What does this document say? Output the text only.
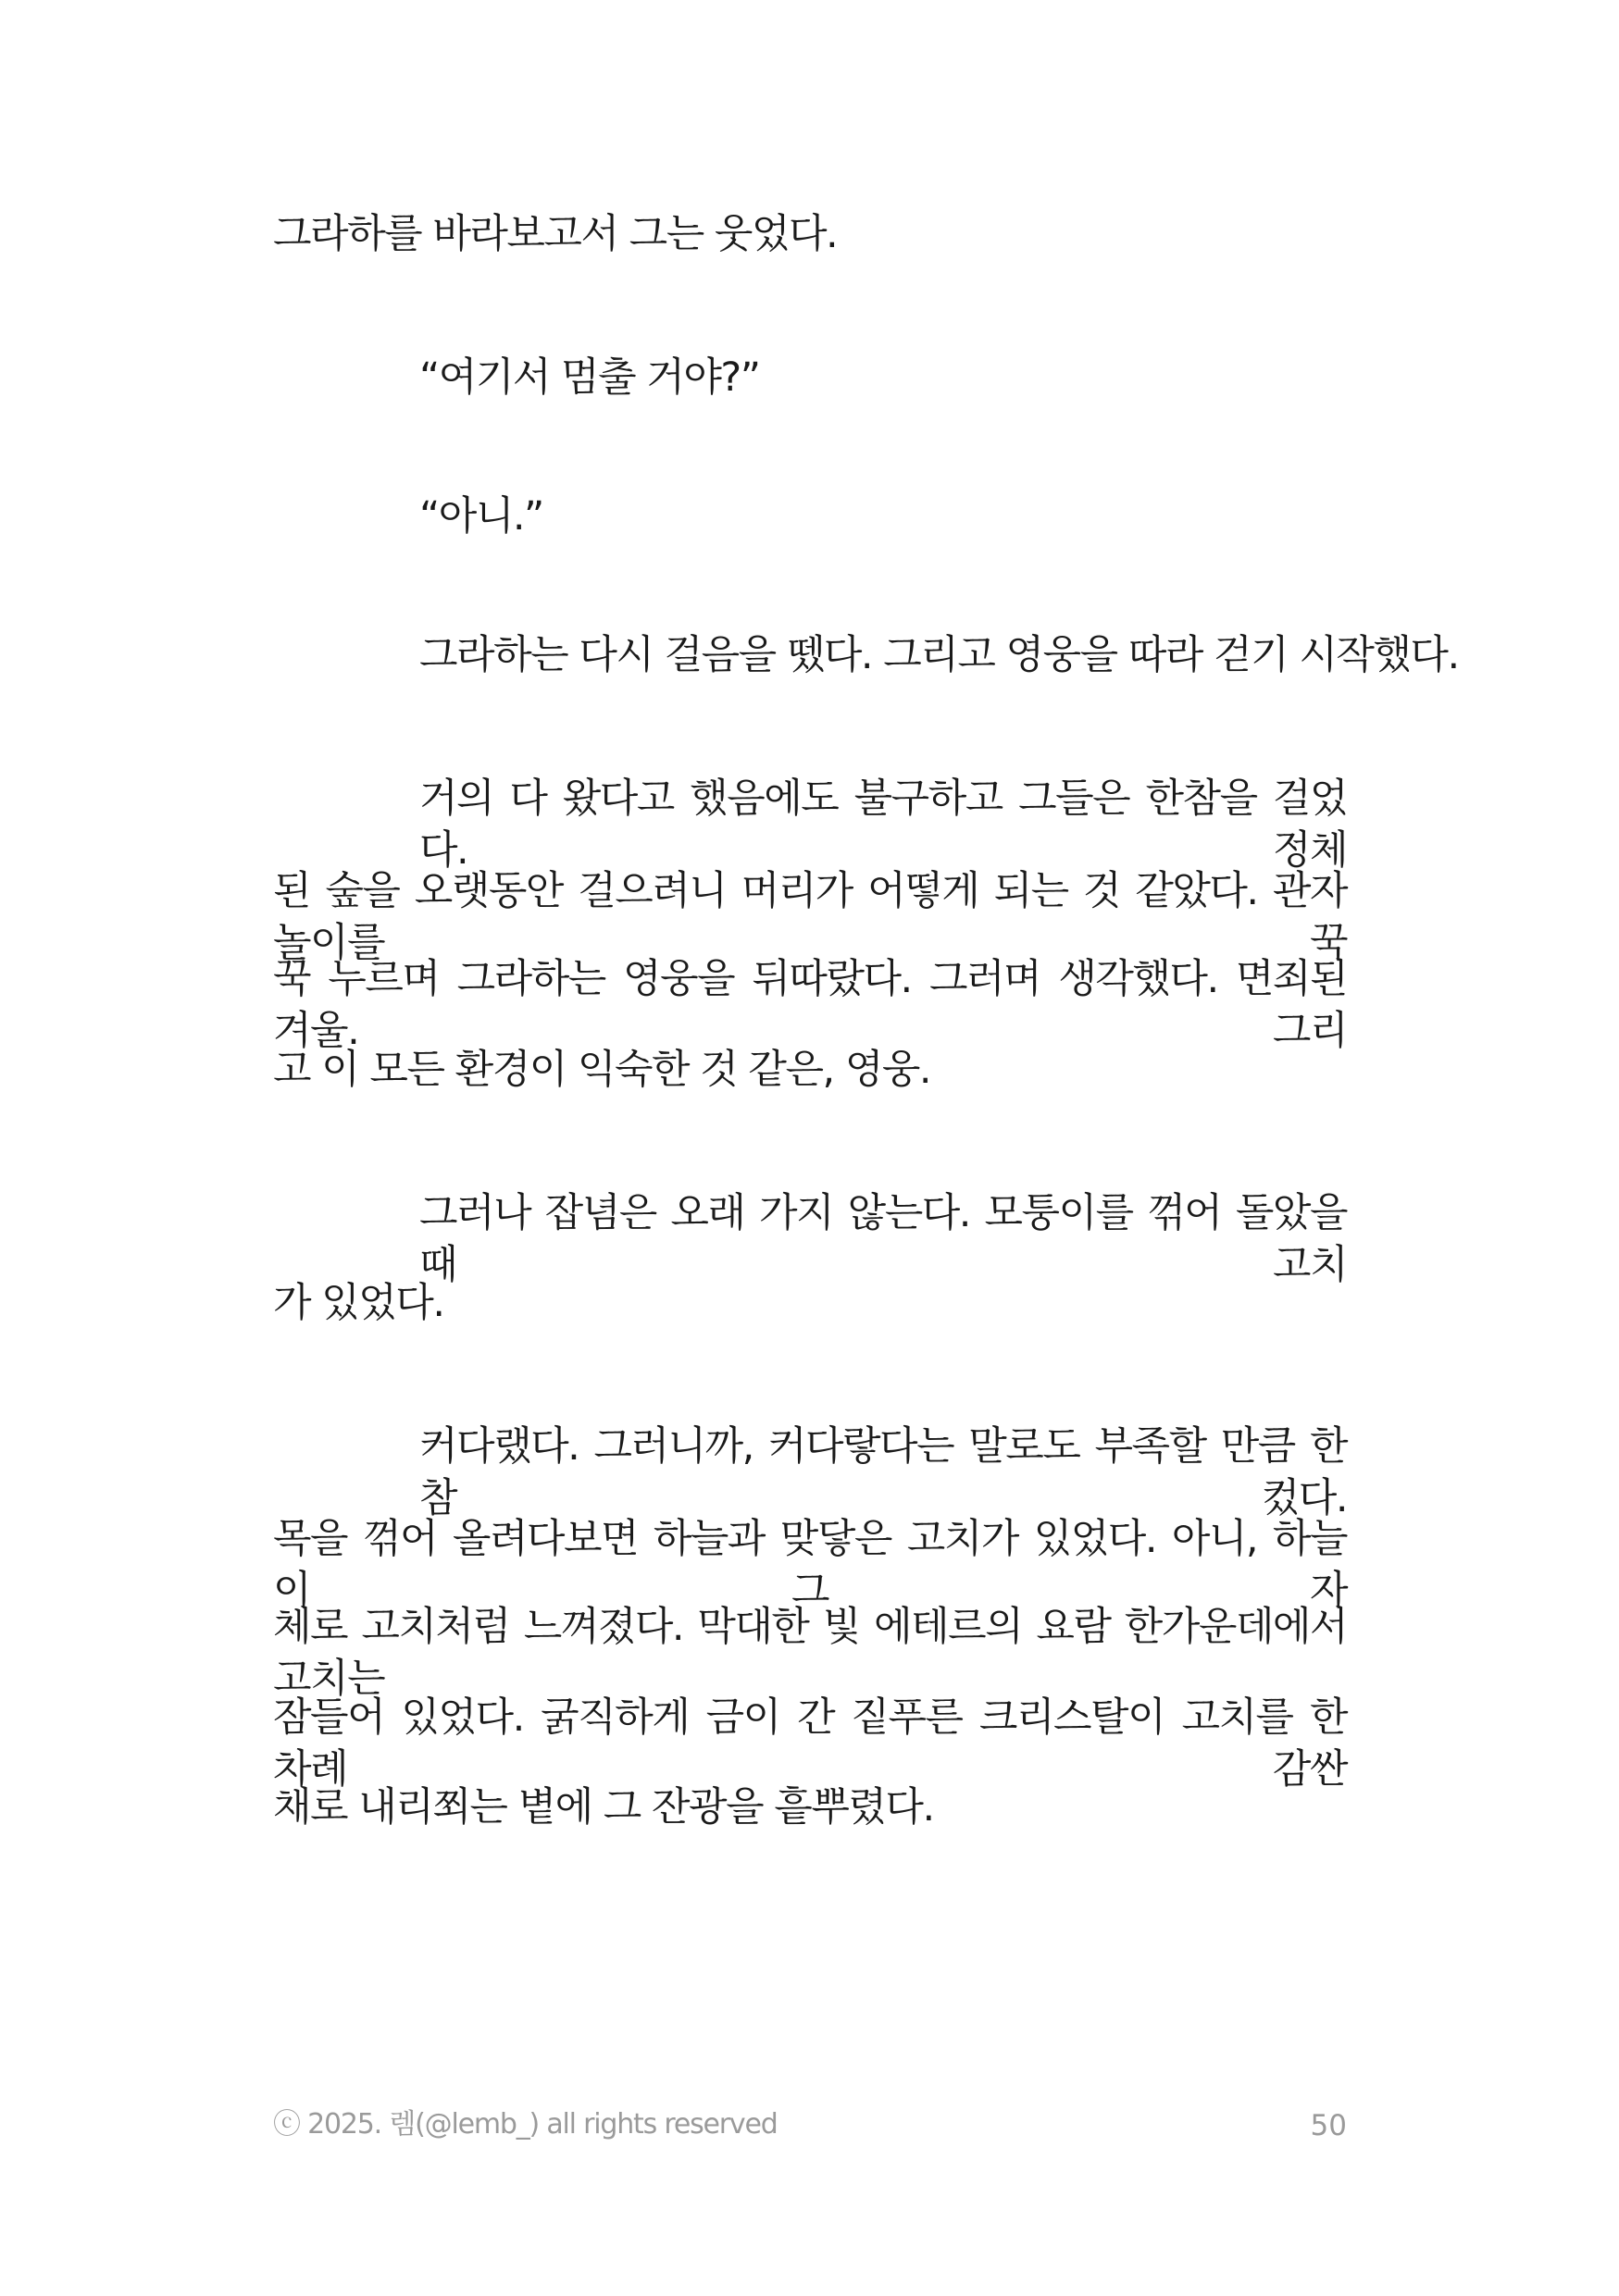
그라하를 바라보고서 그는 웃었다.
“여기서 멈출 거야?”
“아니.”
그라하는 다시 걸음을 뗐다. 그리고 영웅을 따라 걷기 시작했다.
거의 다 왔다고 했음에도 불구하고 그들은 한참을 걸었다. 정체
된 숲을 오랫동안 걸으려니 머리가 어떻게 되는 것 같았다. 관자놀이를 꾹
꾹 누르며 그라하는 영웅을 뒤따랐다. 그러며 생각했다. 면죄된 겨울. 그리
고 이 모든 환경이 익숙한 것 같은, 영웅.
그러나 잡념은 오래 가지 않는다. 모퉁이를 꺾어 돌았을 때 고치
가 있었다.
커다랬다. 그러니까, 커다랗다는 말로도 부족할 만큼 한참 컸다.
목을 꺾어 올려다보면 하늘과 맞닿은 고치가 있었다. 아니, 하늘이 그 자
체로 고치처럼 느껴졌다. 막대한 빛 에테르의 요람 한가운데에서 고치는
잠들어 있었다. 굵직하게 금이 간 짙푸른 크리스탈이 고치를 한 차례 감싼
채로 내리쬐는 볕에 그 잔광을 흩뿌렸다.
ⓒ 2025. 렘(@lemb_) all rights reserved	50
